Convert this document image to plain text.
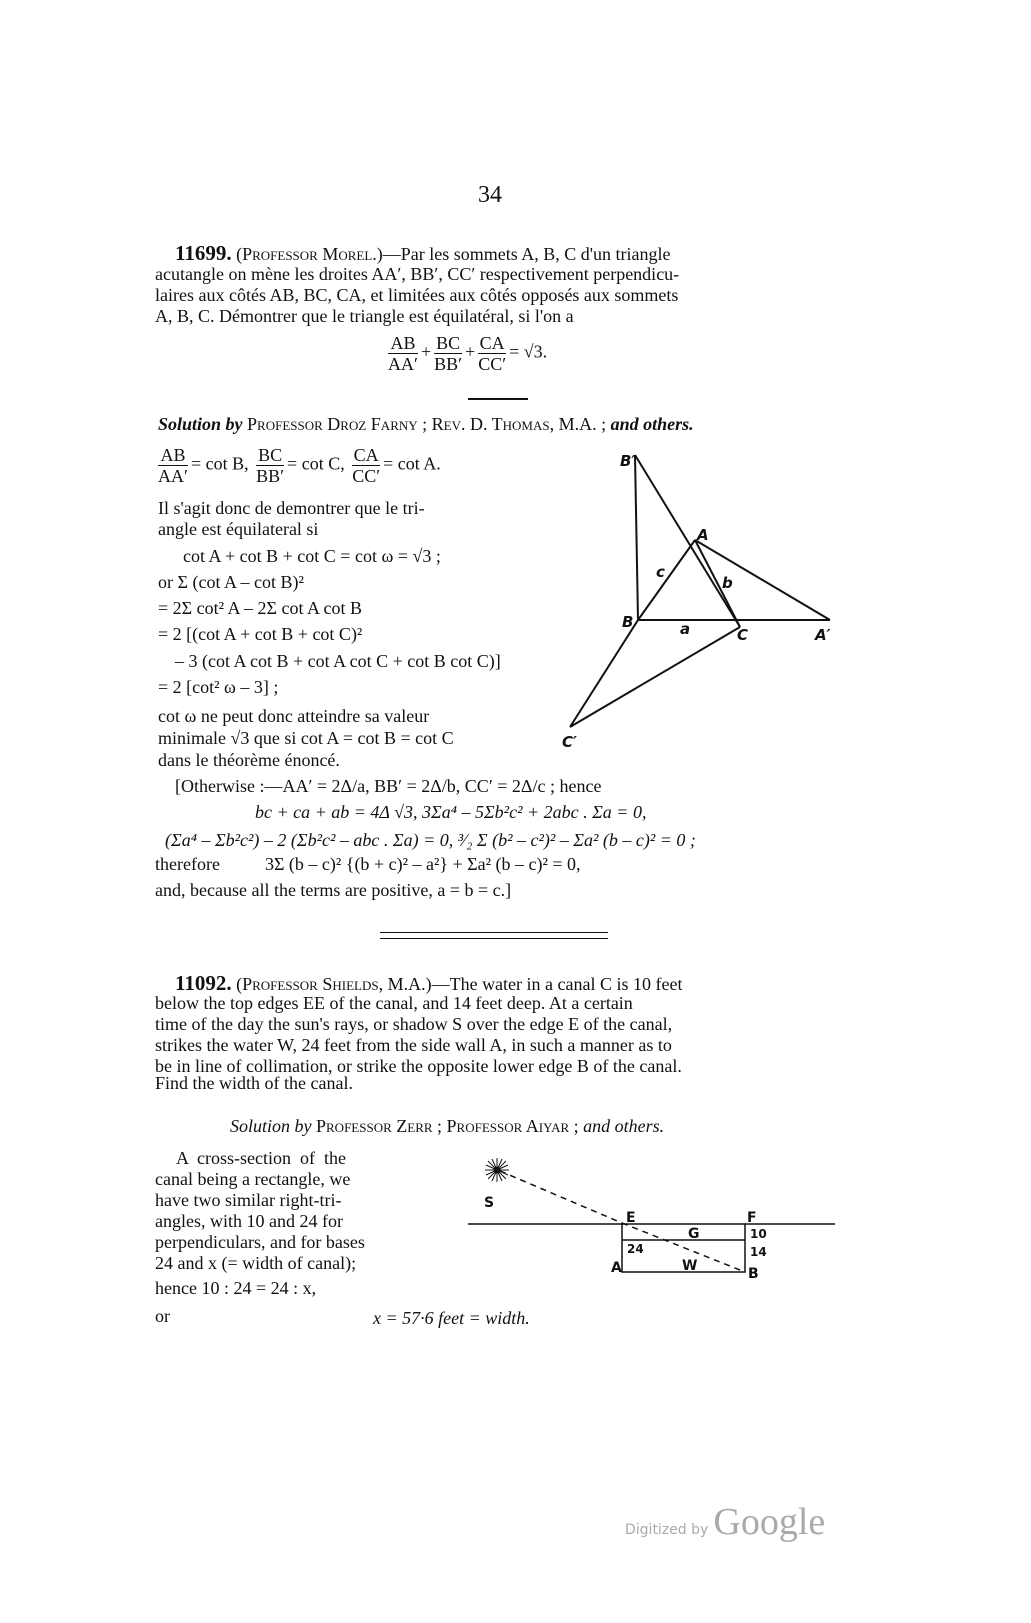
34
11699. (Professor Morel.)—Par les sommets A, B, C d'un triangle
acutangle on mène les droites AA′, BB′, CC′ respectivement perpendicu-
laires aux côtés AB, BC, CA, et limitées aux côtés opposés aux sommets
A, B, C. Démontrer que le triangle est équilatéral, si l'on a
$\frac{AB}{AA'} + \frac{BC}{BB'} + \frac{CA}{CC'} = √3$.
Solution by Professor Droz Farny ; Rev. D. Thomas, M.A. ; and others.
$\frac{AB}{AA'} = \cot B$, $\frac{BC}{BB'} = \cot C$, $\frac{CA}{CC'} = \cot A$.
Il s'agit donc de demontrer que le tri-
angle est équilateral si
cot A + cot B + cot C = cot ω = √3 ;
or Σ (cot A – cot B)²
= 2Σ cot² A – 2Σ cot A cot B
= 2 [(cot A + cot B + cot C)²
– 3 (cot A cot B + cot A cot C + cot B cot C)]
= 2 [cot² ω – 3] ;
cot ω ne peut donc atteindre sa valeur
minimale √3 que si cot A = cot B = cot C
dans le théorème énoncé.
[Otherwise :—AA′ = 2Δ/a, BB′ = 2Δ/b, CC′ = 2Δ/c ; hence
bc + ca + ab = 4Δ √3, 3Σa⁴ – 5Σb²c² + 2abc . Σa = 0,
(Σa⁴ – Σb²c²) – 2 (Σb²c² – abc . Σa) = 0, ³⁄₂ Σ (b² – c²)² – Σa² (b – c)² = 0 ;
therefore          3Σ (b – c)² {(b + c)² – a²} + Σa² (b – c)² = 0,
and, because all the terms are positive, a = b = c.]
B′
A
B
C	A′
C′
a
b
c
11092. (Professor Shields, M.A.)—The water in a canal C is 10 feet
below the top edges EE of the canal, and 14 feet deep. At a certain
time of the day the sun's rays, or shadow S over the edge E of the canal,
strikes the water W, 24 feet from the side wall A, in such a manner as to
be in line of collimation, or strike the opposite lower edge B of the canal.
Find the width of the canal.
Solution by Professor Zerr ; Professor Aiyar ; and others.
A  cross-section  of  the
canal being a rectangle, we
have two similar right-tri-
angles, with 10 and 24 for
perpendiculars, and for bases
24 and x (= width of canal);
hence 10 : 24 = 24 : x,
or	x = 57·6 feet = width.
S
E
G
F
10
14
24
A	W	B
Digitized by Google
